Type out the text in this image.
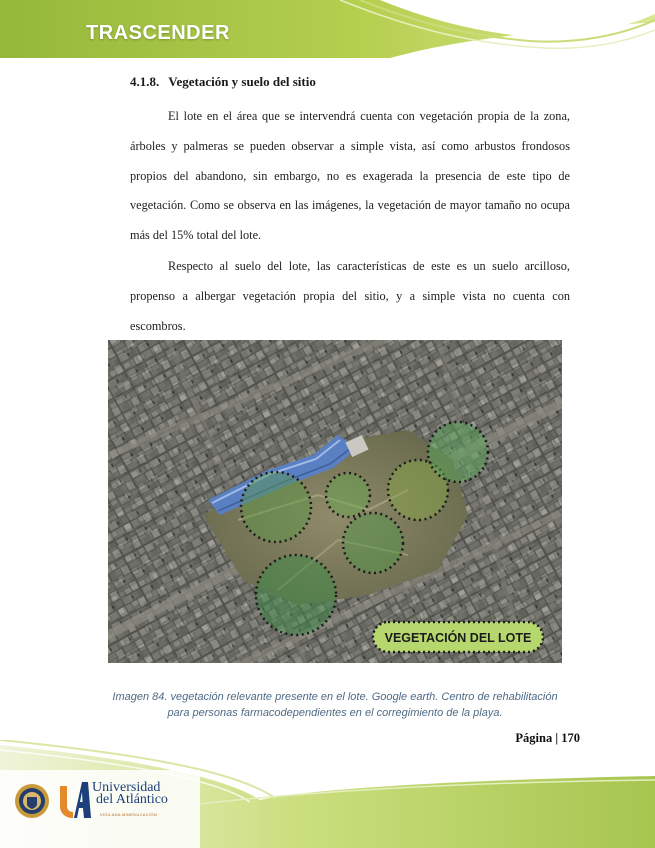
TRASCENDER
4.1.8. Vegetación y suelo del sitio
El lote en el área que se intervendrá cuenta con vegetación propia de la zona, árboles y palmeras se pueden observar a simple vista, así como arbustos frondosos propios del abandono, sin embargo, no es exagerada la presencia de este tipo de vegetación. Como se observa en las imágenes, la vegetación de mayor tamaño no ocupa más del 15% total del lote.
Respecto al suelo del lote, las características de este es un suelo arcilloso, propenso a albergar vegetación propia del sitio, y a simple vista no cuenta con escombros.
VEGETACIÓN DEL LOTE
Imagen 84. vegetación relevante presente en el lote. Google earth. Centro de rehabilitación para personas farmacodependientes en el corregimiento de la playa.
Página | 170
Universidad
del Atlántico
VIGILADA MINEDUCACIÓN
